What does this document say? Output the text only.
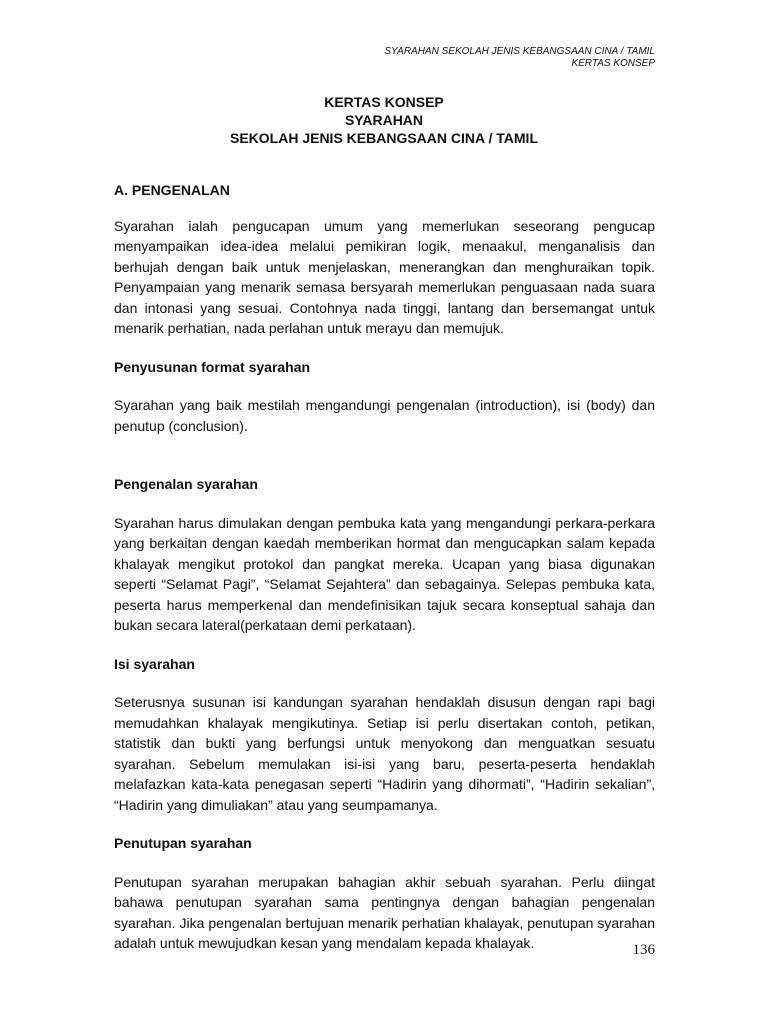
SYARAHAN SEKOLAH JENIS KEBANGSAAN CINA / TAMIL
KERTAS KONSEP
KERTAS KONSEP
SYARAHAN
SEKOLAH JENIS KEBANGSAAN CINA / TAMIL

A. PENGENALAN

Syarahan ialah pengucapan umum yang memerlukan seseorang pengucap menyampaikan idea-idea melalui pemikiran logik, menaakul, menganalisis dan berhujah dengan baik untuk menjelaskan, menerangkan dan menghuraikan topik. Penyampaian yang menarik semasa bersyarah memerlukan penguasaan nada suara dan intonasi yang sesuai. Contohnya nada tinggi, lantang dan bersemangat untuk menarik perhatian, nada perlahan untuk merayu dan memujuk.

Penyusunan format syarahan

Syarahan yang baik mestilah mengandungi pengenalan (introduction), isi (body) dan penutup (conclusion).

Pengenalan syarahan

Syarahan harus dimulakan dengan pembuka kata yang mengandungi perkara-perkara yang berkaitan dengan kaedah memberikan hormat dan mengucapkan salam kepada khalayak mengikut protokol dan pangkat mereka. Ucapan yang biasa digunakan seperti “Selamat Pagi”, “Selamat Sejahtera” dan sebagainya. Selepas pembuka kata, peserta harus memperkenal dan mendefinisikan tajuk secara konseptual sahaja dan bukan secara lateral(perkataan demi perkataan).

Isi syarahan

Seterusnya susunan isi kandungan syarahan hendaklah disusun dengan rapi bagi memudahkan khalayak mengikutinya. Setiap isi perlu disertakan contoh, petikan, statistik dan bukti yang berfungsi untuk menyokong dan menguatkan sesuatu syarahan. Sebelum memulakan isi-isi yang baru, peserta-peserta hendaklah melafazkan kata-kata penegasan seperti “Hadirin yang dihormati”, “Hadirin sekalian”, “Hadirin yang dimuliakan” atau yang seumpamanya.

Penutupan syarahan

Penutupan syarahan merupakan bahagian akhir sebuah syarahan. Perlu diingat bahawa penutupan syarahan sama pentingnya dengan bahagian pengenalan syarahan. Jika pengenalan bertujuan menarik perhatian khalayak, penutupan syarahan adalah untuk mewujudkan kesan yang mendalam kepada khalayak.	136
